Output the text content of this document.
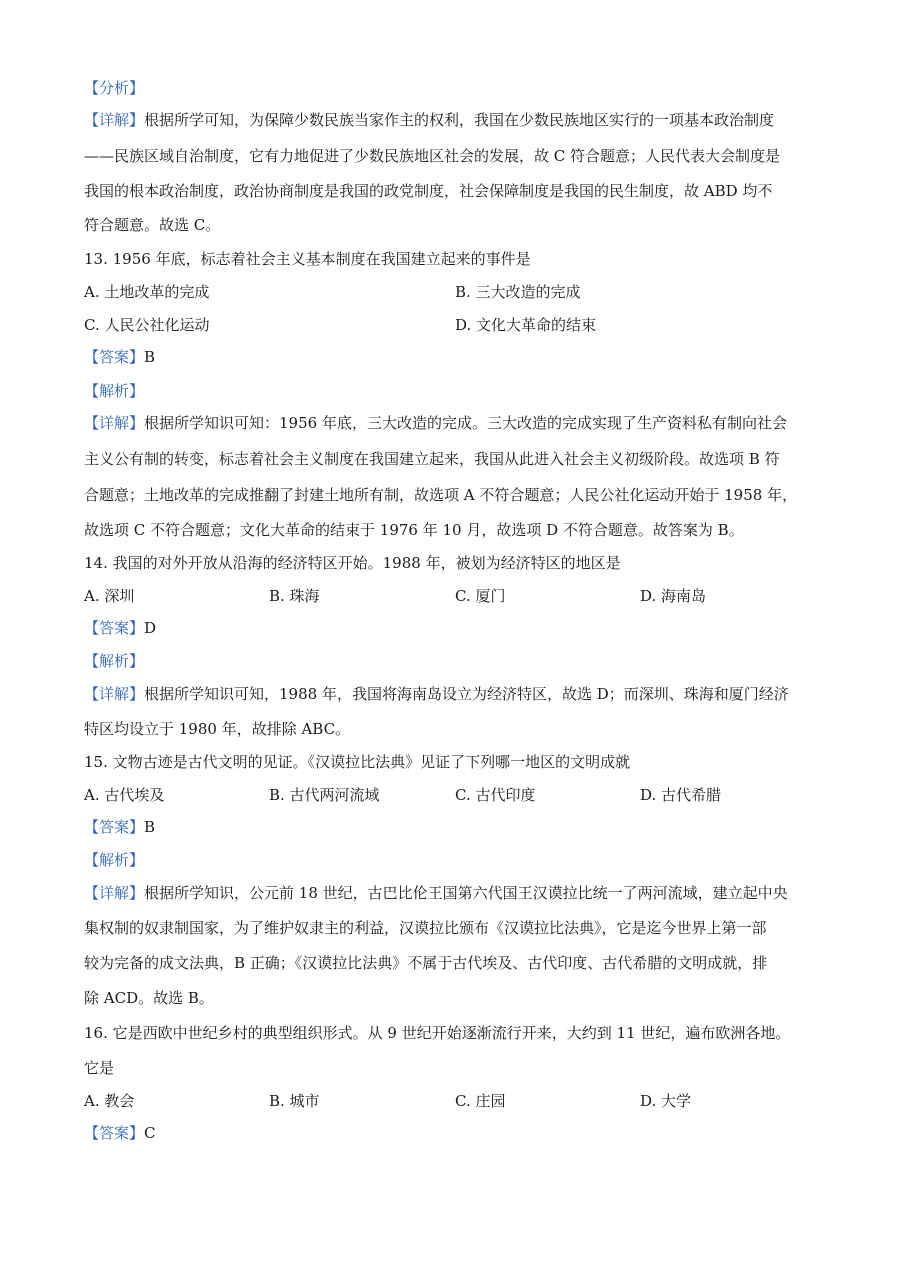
【分析】
【详解】根据所学可知，为保障少数民族当家作主的权利，我国在少数民族地区实行的一项基本政治制度
——民族区域自治制度，它有力地促进了少数民族地区社会的发展，故 C 符合题意；人民代表大会制度是
我国的根本政治制度，政治协商制度是我国的政党制度，社会保障制度是我国的民生制度，故 ABD 均不
符合题意。故选 C。
13. 1956 年底，标志着社会主义基本制度在我国建立起来的事件是
A. 土地改革的完成	B. 三大改造的完成
C. 人民公社化运动	D. 文化大革命的结束
【答案】B
【解析】
【详解】根据所学知识可知：1956 年底，三大改造的完成。三大改造的完成实现了生产资料私有制向社会
主义公有制的转变，标志着社会主义制度在我国建立起来，我国从此进入社会主义初级阶段。故选项 B 符
合题意；土地改革的完成推翻了封建土地所有制，故选项 A 不符合题意；人民公社化运动开始于 1958 年，
故选项 C 不符合题意；文化大革命的结束于 1976 年 10 月，故选项 D 不符合题意。故答案为 B。
14. 我国的对外开放从沿海的经济特区开始。1988 年，被划为经济特区的地区是
A. 深圳	B. 珠海	C. 厦门	D. 海南岛
【答案】D
【解析】
【详解】根据所学知识可知，1988 年，我国将海南岛设立为经济特区，故选 D；而深圳、珠海和厦门经济
特区均设立于 1980 年，故排除 ABC。
15. 文物古迹是古代文明的见证。《汉谟拉比法典》见证了下列哪一地区的文明成就
A. 古代埃及	B. 古代两河流域	C. 古代印度	D. 古代希腊
【答案】B
【解析】
【详解】根据所学知识，公元前 18 世纪，古巴比伦王国第六代国王汉谟拉比统一了两河流域，建立起中央
集权制的奴隶制国家，为了维护奴隶主的利益，汉谟拉比颁布《汉谟拉比法典》，它是迄今世界上第一部
较为完备的成文法典，B 正确；《汉谟拉比法典》不属于古代埃及、古代印度、古代希腊的文明成就，排
除 ACD。故选 B。
16. 它是西欧中世纪乡村的典型组织形式。从 9 世纪开始逐渐流行开来，大约到 11 世纪，遍布欧洲各地。
它是
A. 教会	B. 城市	C. 庄园	D. 大学
【答案】C
